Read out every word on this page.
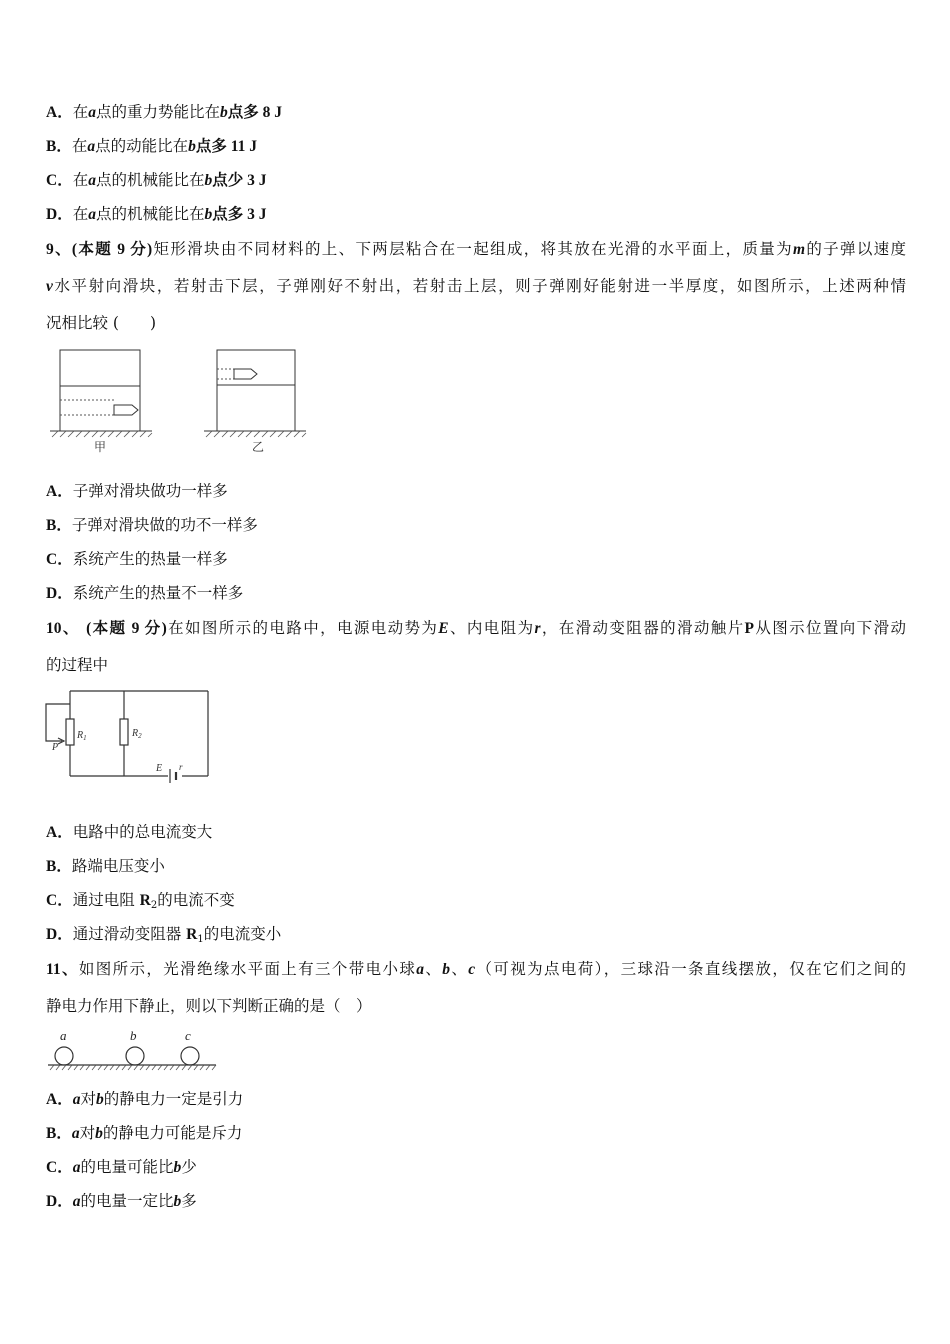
A．在a点的重力势能比在b点多 8 J
B．在a点的动能比在b点多 11 J
C．在a点的机械能比在b点少 3 J
D．在a点的机械能比在b点多 3 J
9、(本题 9 分)矩形滑块由不同材料的上、下两层粘合在一起组成，将其放在光滑的水平面上，质量为m的子弹以速度
v水平射向滑块，若射击下层，子弹刚好不射出，若射击上层，则子弹刚好能射进一半厚度，如图所示，上述两种情
况相比较 (　　)
甲	乙
A．子弹对滑块做功一样多
B．子弹对滑块做的功不一样多
C．系统产生的热量一样多
D．系统产生的热量不一样多
10、 (本题 9 分)在如图所示的电路中，电源电动势为E、内电阻为r，在滑动变阻器的滑动触片P从图示位置向下滑动
的过程中
$R_1$	$R_2$
P
E r
A．电路中的总电流变大
B．路端电压变小
C．通过电阻 $R_2$的电流不变
D．通过滑动变阻器 $R_1$的电流变小
11、如图所示，光滑绝缘水平面上有三个带电小球a、b、c（可视为点电荷），三球沿一条直线摆放，仅在它们之间的
静电力作用下静止，则以下判断正确的是（　）
a	b	c
A．a对b的静电力一定是引力
B．a对b的静电力可能是斥力
C．a的电量可能比b少
D．a的电量一定比b多
